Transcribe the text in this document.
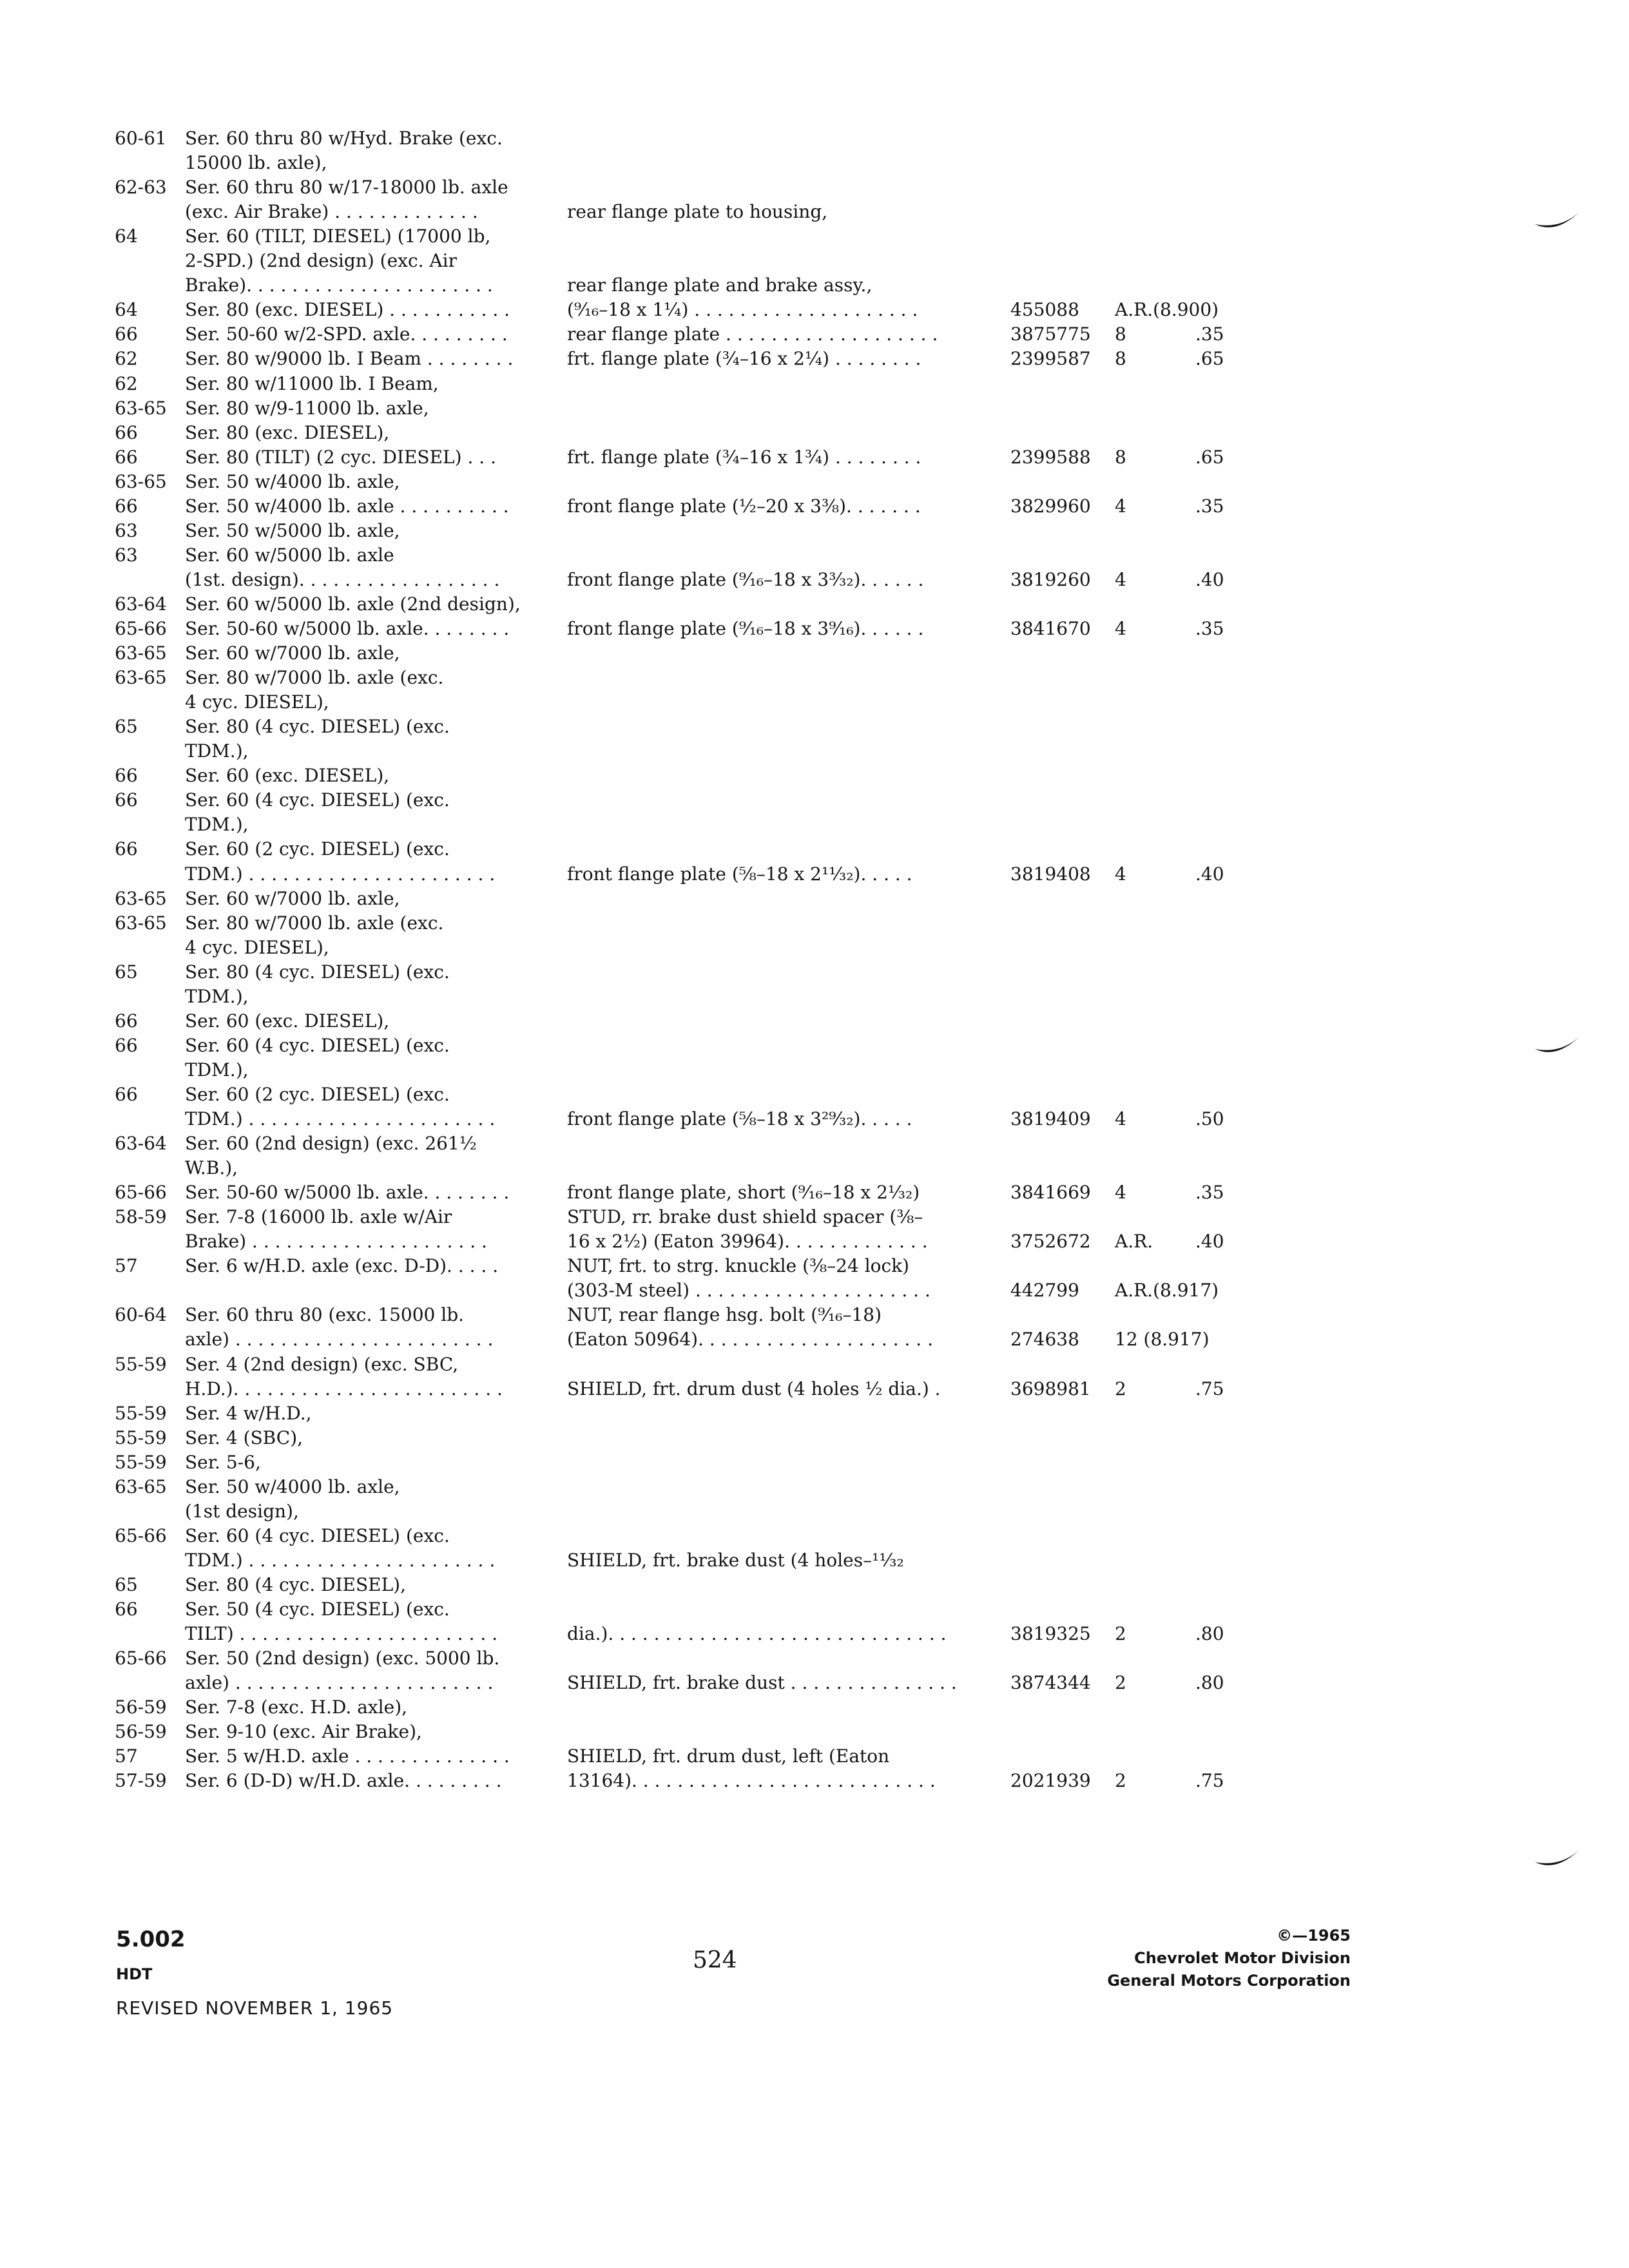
60-61 Ser. 60 thru 80 w/Hyd. Brake (exc.
15000 lb. axle),
62-63 Ser. 60 thru 80 w/17-18000 lb. axle
(exc. Air Brake) . . . . . . . . . . . . .	rear flange plate to housing,
64	Ser. 60 (TILT, DIESEL) (17000 lb,
2-SPD.) (2nd design) (exc. Air
Brake). . . . . . . . . . . . . . . . . . . . . .	rear flange plate and brake assy.,
64	Ser. 80 (exc. DIESEL) . . . . . . . . . . .	(⁹⁄₁₆–18 x 1¼) . . . . . . . . . . . . . . . . . . . .	455088 A.R.(8.900)
66	Ser. 50-60 w/2-SPD. axle. . . . . . . . .	rear flange plate . . . . . . . . . . . . . . . . . . .	3875775 8	.35
62	Ser. 80 w/9000 lb. I Beam . . . . . . . .	frt. flange plate (¾–16 x 2¼) . . . . . . . .	2399587 8	.65
62	Ser. 80 w/11000 lb. I Beam,
63-65 Ser. 80 w/9-11000 lb. axle,
66	Ser. 80 (exc. DIESEL),
66	Ser. 80 (TILT) (2 cyc. DIESEL) . . .	frt. flange plate (¾–16 x 1¾) . . . . . . . .	2399588 8	.65
63-65 Ser. 50 w/4000 lb. axle,
66	Ser. 50 w/4000 lb. axle . . . . . . . . . .	front flange plate (½–20 x 3⅜). . . . . . .	3829960 4	.35
63	Ser. 50 w/5000 lb. axle,
63	Ser. 60 w/5000 lb. axle
(1st. design). . . . . . . . . . . . . . . . . .	front flange plate (⁹⁄₁₆–18 x 3³⁄₃₂). . . . . .	3819260 4	.40
63-64 Ser. 60 w/5000 lb. axle (2nd design),
65-66 Ser. 50-60 w/5000 lb. axle. . . . . . . .	front flange plate (⁹⁄₁₆–18 x 3⁹⁄₁₆). . . . . .	3841670 4	.35
63-65 Ser. 60 w/7000 lb. axle,
63-65 Ser. 80 w/7000 lb. axle (exc.
4 cyc. DIESEL),
65	Ser. 80 (4 cyc. DIESEL) (exc.
TDM.),
66	Ser. 60 (exc. DIESEL),
66	Ser. 60 (4 cyc. DIESEL) (exc.
TDM.),
66	Ser. 60 (2 cyc. DIESEL) (exc.
TDM.) . . . . . . . . . . . . . . . . . . . . . .	front flange plate (⅝–18 x 2¹¹⁄₃₂). . . . .	3819408 4	.40
63-65 Ser. 60 w/7000 lb. axle,
63-65 Ser. 80 w/7000 lb. axle (exc.
4 cyc. DIESEL),
65	Ser. 80 (4 cyc. DIESEL) (exc.
TDM.),
66	Ser. 60 (exc. DIESEL),
66	Ser. 60 (4 cyc. DIESEL) (exc.
TDM.),
66	Ser. 60 (2 cyc. DIESEL) (exc.
TDM.) . . . . . . . . . . . . . . . . . . . . . .	front flange plate (⅝–18 x 3²⁹⁄₃₂). . . . .	3819409 4	.50
63-64 Ser. 60 (2nd design) (exc. 261½
W.B.),
65-66 Ser. 50-60 w/5000 lb. axle. . . . . . . .	front flange plate, short (⁹⁄₁₆–18 x 2¹⁄₃₂)	3841669 4	.35
58-59 Ser. 7-8 (16000 lb. axle w/Air	STUD, rr. brake dust shield spacer (⅜–
Brake) . . . . . . . . . . . . . . . . . . . . .	16 x 2½) (Eaton 39964). . . . . . . . . . . . .	3752672 A.R. .40
57	Ser. 6 w/H.D. axle (exc. D-D). . . . .	NUT, frt. to strg. knuckle (⅜–24 lock)
(303-M steel) . . . . . . . . . . . . . . . . . . . . .	442799 A.R.(8.917)
60-64 Ser. 60 thru 80 (exc. 15000 lb.	NUT, rear flange hsg. bolt (⁹⁄₁₆–18)
axle) . . . . . . . . . . . . . . . . . . . . . . .	(Eaton 50964). . . . . . . . . . . . . . . . . . . . .	274638 12 (8.917)
55-59 Ser. 4 (2nd design) (exc. SBC,
H.D.). . . . . . . . . . . . . . . . . . . . . . . .	SHIELD, frt. drum dust (4 holes ½ dia.) .	3698981 2	.75
55-59 Ser. 4 w/H.D.,
55-59 Ser. 4 (SBC),
55-59 Ser. 5-6,
63-65 Ser. 50 w/4000 lb. axle,
(1st design),
65-66 Ser. 60 (4 cyc. DIESEL) (exc.
TDM.) . . . . . . . . . . . . . . . . . . . . . .	SHIELD, frt. brake dust (4 holes–¹¹⁄₃₂
65	Ser. 80 (4 cyc. DIESEL),
66	Ser. 50 (4 cyc. DIESEL) (exc.
TILT) . . . . . . . . . . . . . . . . . . . . . . .	dia.). . . . . . . . . . . . . . . . . . . . . . . . . . . . . .	3819325 2	.80
65-66 Ser. 50 (2nd design) (exc. 5000 lb.
axle) . . . . . . . . . . . . . . . . . . . . . . .	SHIELD, frt. brake dust . . . . . . . . . . . . . . .	3874344 2	.80
56-59 Ser. 7-8 (exc. H.D. axle),
56-59 Ser. 9-10 (exc. Air Brake),
57	Ser. 5 w/H.D. axle . . . . . . . . . . . . . .	SHIELD, frt. drum dust, left (Eaton
57-59 Ser. 6 (D-D) w/H.D. axle. . . . . . . . .	13164). . . . . . . . . . . . . . . . . . . . . . . . . . .	2021939 2	.75
5.002
HDT
REVISED NOVEMBER 1, 1965
524
©—1965
Chevrolet Motor Division
General Motors Corporation
